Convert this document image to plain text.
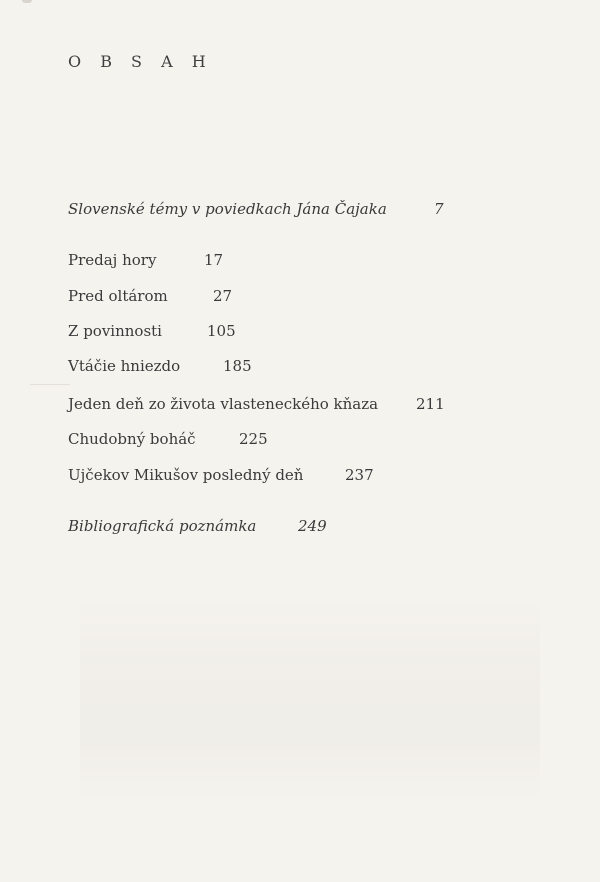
O B S A H
Slovenské témy v poviedkach Jána Čajaka	7
Predaj hory	17
Pred oltárom	27
Z povinnosti	105
Vtáčie hniezdo	185
Jeden deň zo života vlasteneckého kňaza	211
Chudobný boháč	225
Ujčekov Mikušov posledný deň	237
Bibliografická poznámka	249
